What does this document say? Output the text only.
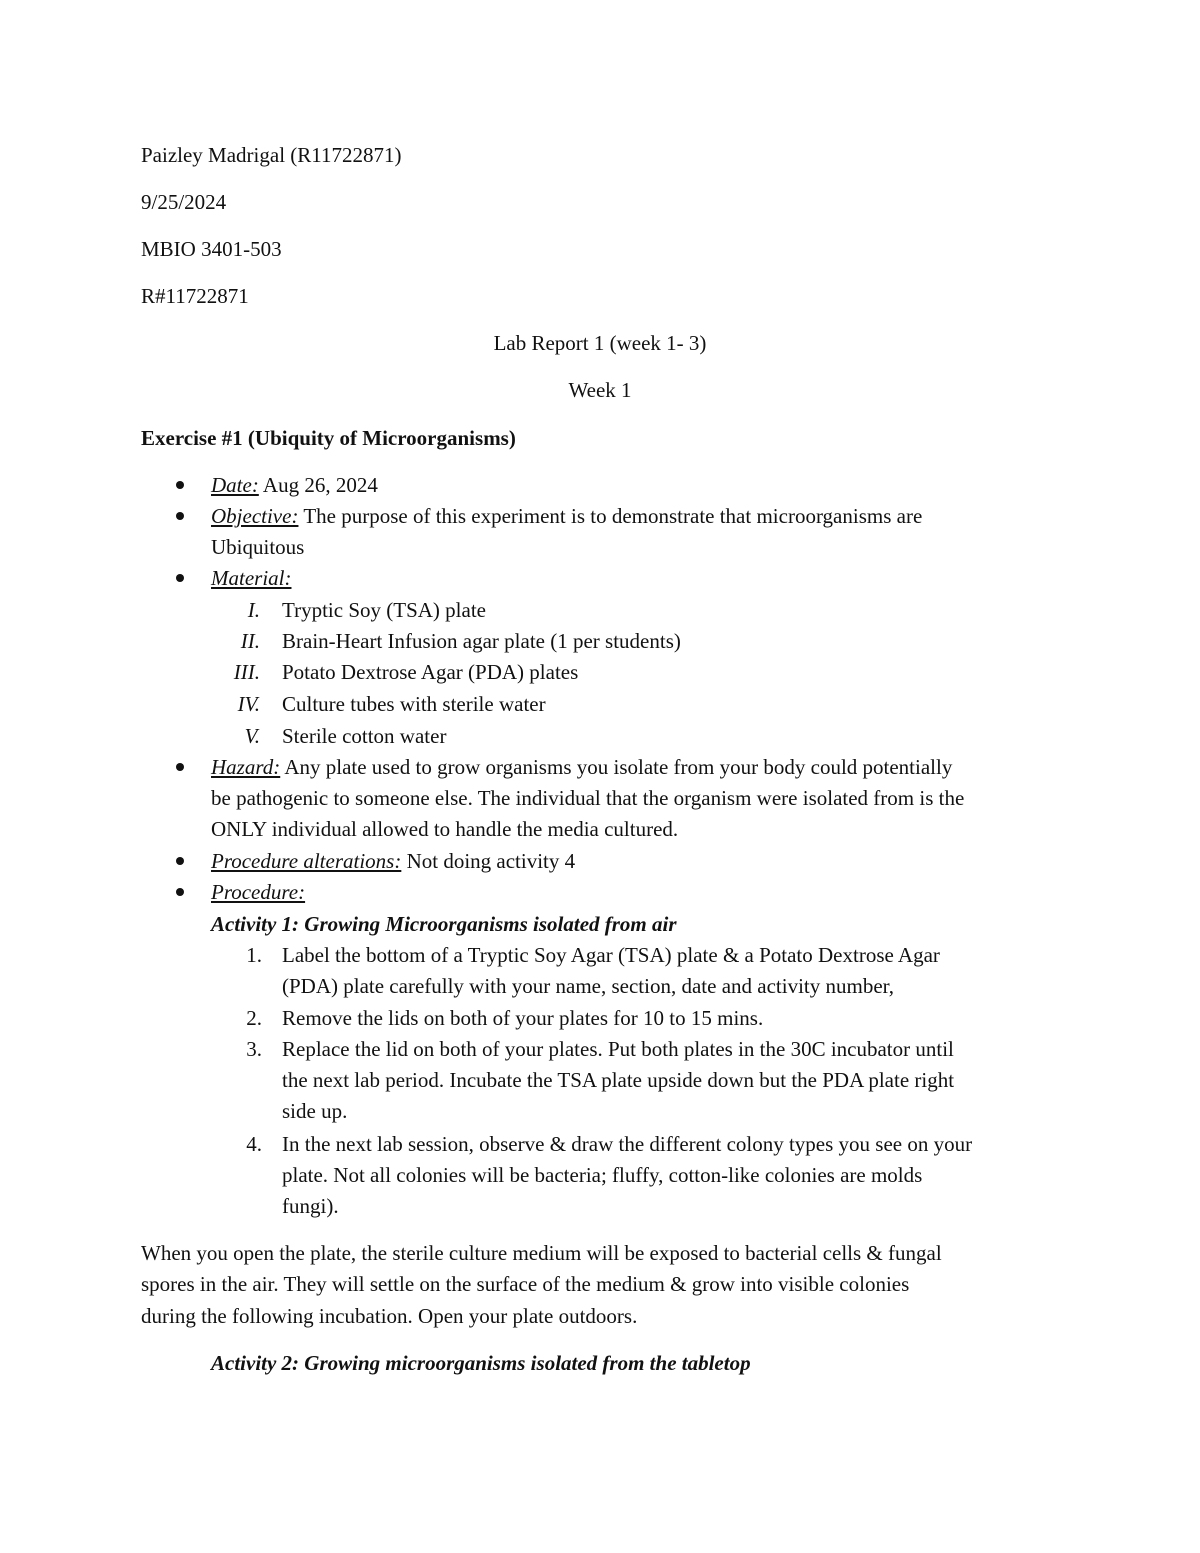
Paizley Madrigal (R11722871)
9/25/2024
MBIO 3401-503
R#11722871
Lab Report 1 (week 1- 3)
Week 1
Exercise #1 (Ubiquity of Microorganisms)
Date: Aug 26, 2024
Objective: The purpose of this experiment is to demonstrate that microorganisms are
Ubiquitous
Material:
I. Tryptic Soy (TSA) plate
II. Brain-Heart Infusion agar plate (1 per students)
III. Potato Dextrose Agar (PDA) plates
IV. Culture tubes with sterile water
V. Sterile cotton water
Hazard: Any plate used to grow organisms you isolate from your body could potentially
be pathogenic to someone else. The individual that the organism were isolated from is the
ONLY individual allowed to handle the media cultured.
Procedure alterations: Not doing activity 4
Procedure:
Activity 1: Growing Microorganisms isolated from air
1. Label the bottom of a Tryptic Soy Agar (TSA) plate & a Potato Dextrose Agar
(PDA) plate carefully with your name, section, date and activity number,
2. Remove the lids on both of your plates for 10 to 15 mins.
3. Replace the lid on both of your plates. Put both plates in the 30C incubator until
the next lab period. Incubate the TSA plate upside down but the PDA plate right
side up.
4. In the next lab session, observe & draw the different colony types you see on your
plate. Not all colonies will be bacteria; fluffy, cotton-like colonies are molds
fungi).
When you open the plate, the sterile culture medium will be exposed to bacterial cells & fungal
spores in the air. They will settle on the surface of the medium & grow into visible colonies
during the following incubation. Open your plate outdoors.
Activity 2: Growing microorganisms isolated from the tabletop
